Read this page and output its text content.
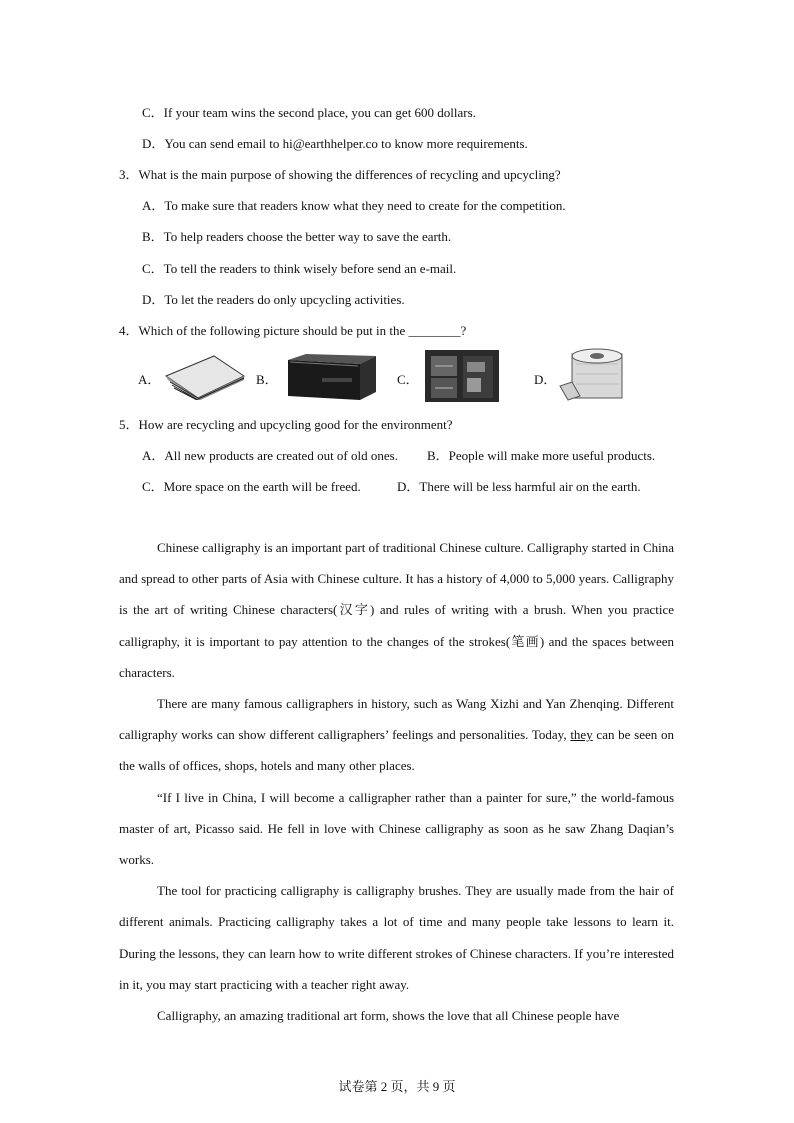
C．If your team wins the second place, you can get 600 dollars.
D．You can send email to hi@earthhelper.co to know more requirements.
3．What is the main purpose of showing the differences of recycling and upcycling?
A．To make sure that readers know what they need to create for the competition.
B．To help readers choose the better way to save the earth.
C．To tell the readers to think wisely before send an e-mail.
D．To let the readers do only upcycling activities.
4．Which of the following picture should be put in the ________?
A．	B．	C．	D．
5．How are recycling and upcycling good for the environment?
A．All new products are created out of old ones. B．People will make more useful products.
C．More space on the earth will be freed.	D．There will be less harmful air on the earth.

Chinese calligraphy is an important part of traditional Chinese culture. Calligraphy started in China and spread to other parts of Asia with Chinese culture. It has a history of 4,000 to 5,000 years. Calligraphy is the art of writing Chinese characters(汉字) and rules of writing with a brush. When you practice calligraphy, it is important to pay attention to the changes of the strokes(笔画) and the spaces between characters.

There are many famous calligraphers in history, such as Wang Xizhi and Yan Zhenqing. Different calligraphy works can show different calligraphers’ feelings and personalities. Today, they can be seen on the walls of offices, shops, hotels and many other places.

“If I live in China, I will become a calligrapher rather than a painter for sure,” the world-famous master of art, Picasso said. He fell in love with Chinese calligraphy as soon as he saw Zhang Daqian’s works.

The tool for practicing calligraphy is calligraphy brushes. They are usually made from the hair of different animals. Practicing calligraphy takes a lot of time and many people take lessons to learn it. During the lessons, they can learn how to write different strokes of Chinese characters. If you’re interested in it, you may start practicing with a teacher right away.

Calligraphy, an amazing traditional art form, shows the love that all Chinese people have

试卷第 2 页，共 9 页
